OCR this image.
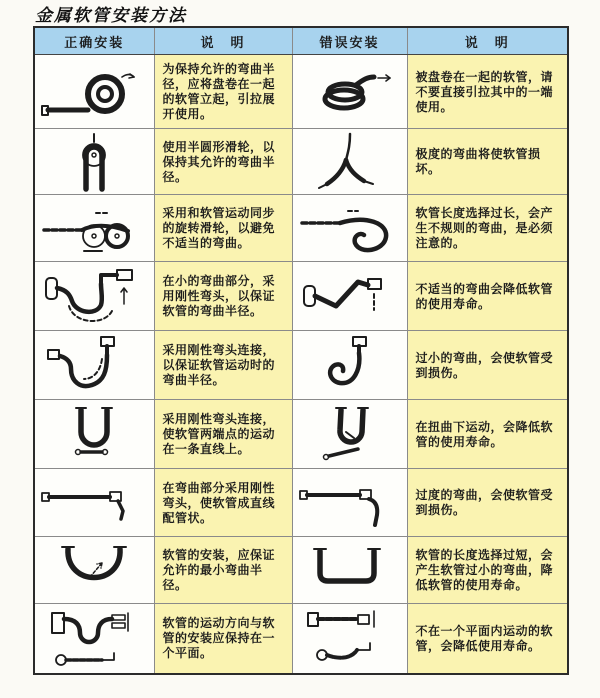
金属软管安装方法
正确安装	说　明	错误安装	说　明

	为保持允许的弯曲半径，应将盘卷在一起的软管立起，引拉展开使用。		被盘卷在一起的软管，请不要直接引拉其中的一端使用。

	使用半圆形滑轮，以保持其允许的弯曲半径。		极度的弯曲将使软管损坏。

	采用和软管运动同步的旋转滑轮，以避免不适当的弯曲。		软管长度选择过长，会产生不规则的弯曲，是必须注意的。

	在小的弯曲部分，采用刚性弯头，以保证软管的弯曲半径。		不适当的弯曲会降低软管的使用寿命。

	采用刚性弯头连接，以保证软管运动时的弯曲半径。		过小的弯曲，会使软管受到损伤。

	采用刚性弯头连接，使软管两端点的运动在一条直线上。		在扭曲下运动，会降低软管的使用寿命。

	在弯曲部分采用刚性弯头，使软管成直线配管状。		过度的弯曲，会使软管受到损伤。

	软管的安装，应保证允许的最小弯曲半径。		软管的长度选择过短，会产生软管过小的弯曲，降低软管的使用寿命。

	软管的运动方向与软管的安装应保持在一个平面。		不在一个平面内运动的软管，会降低使用寿命。
